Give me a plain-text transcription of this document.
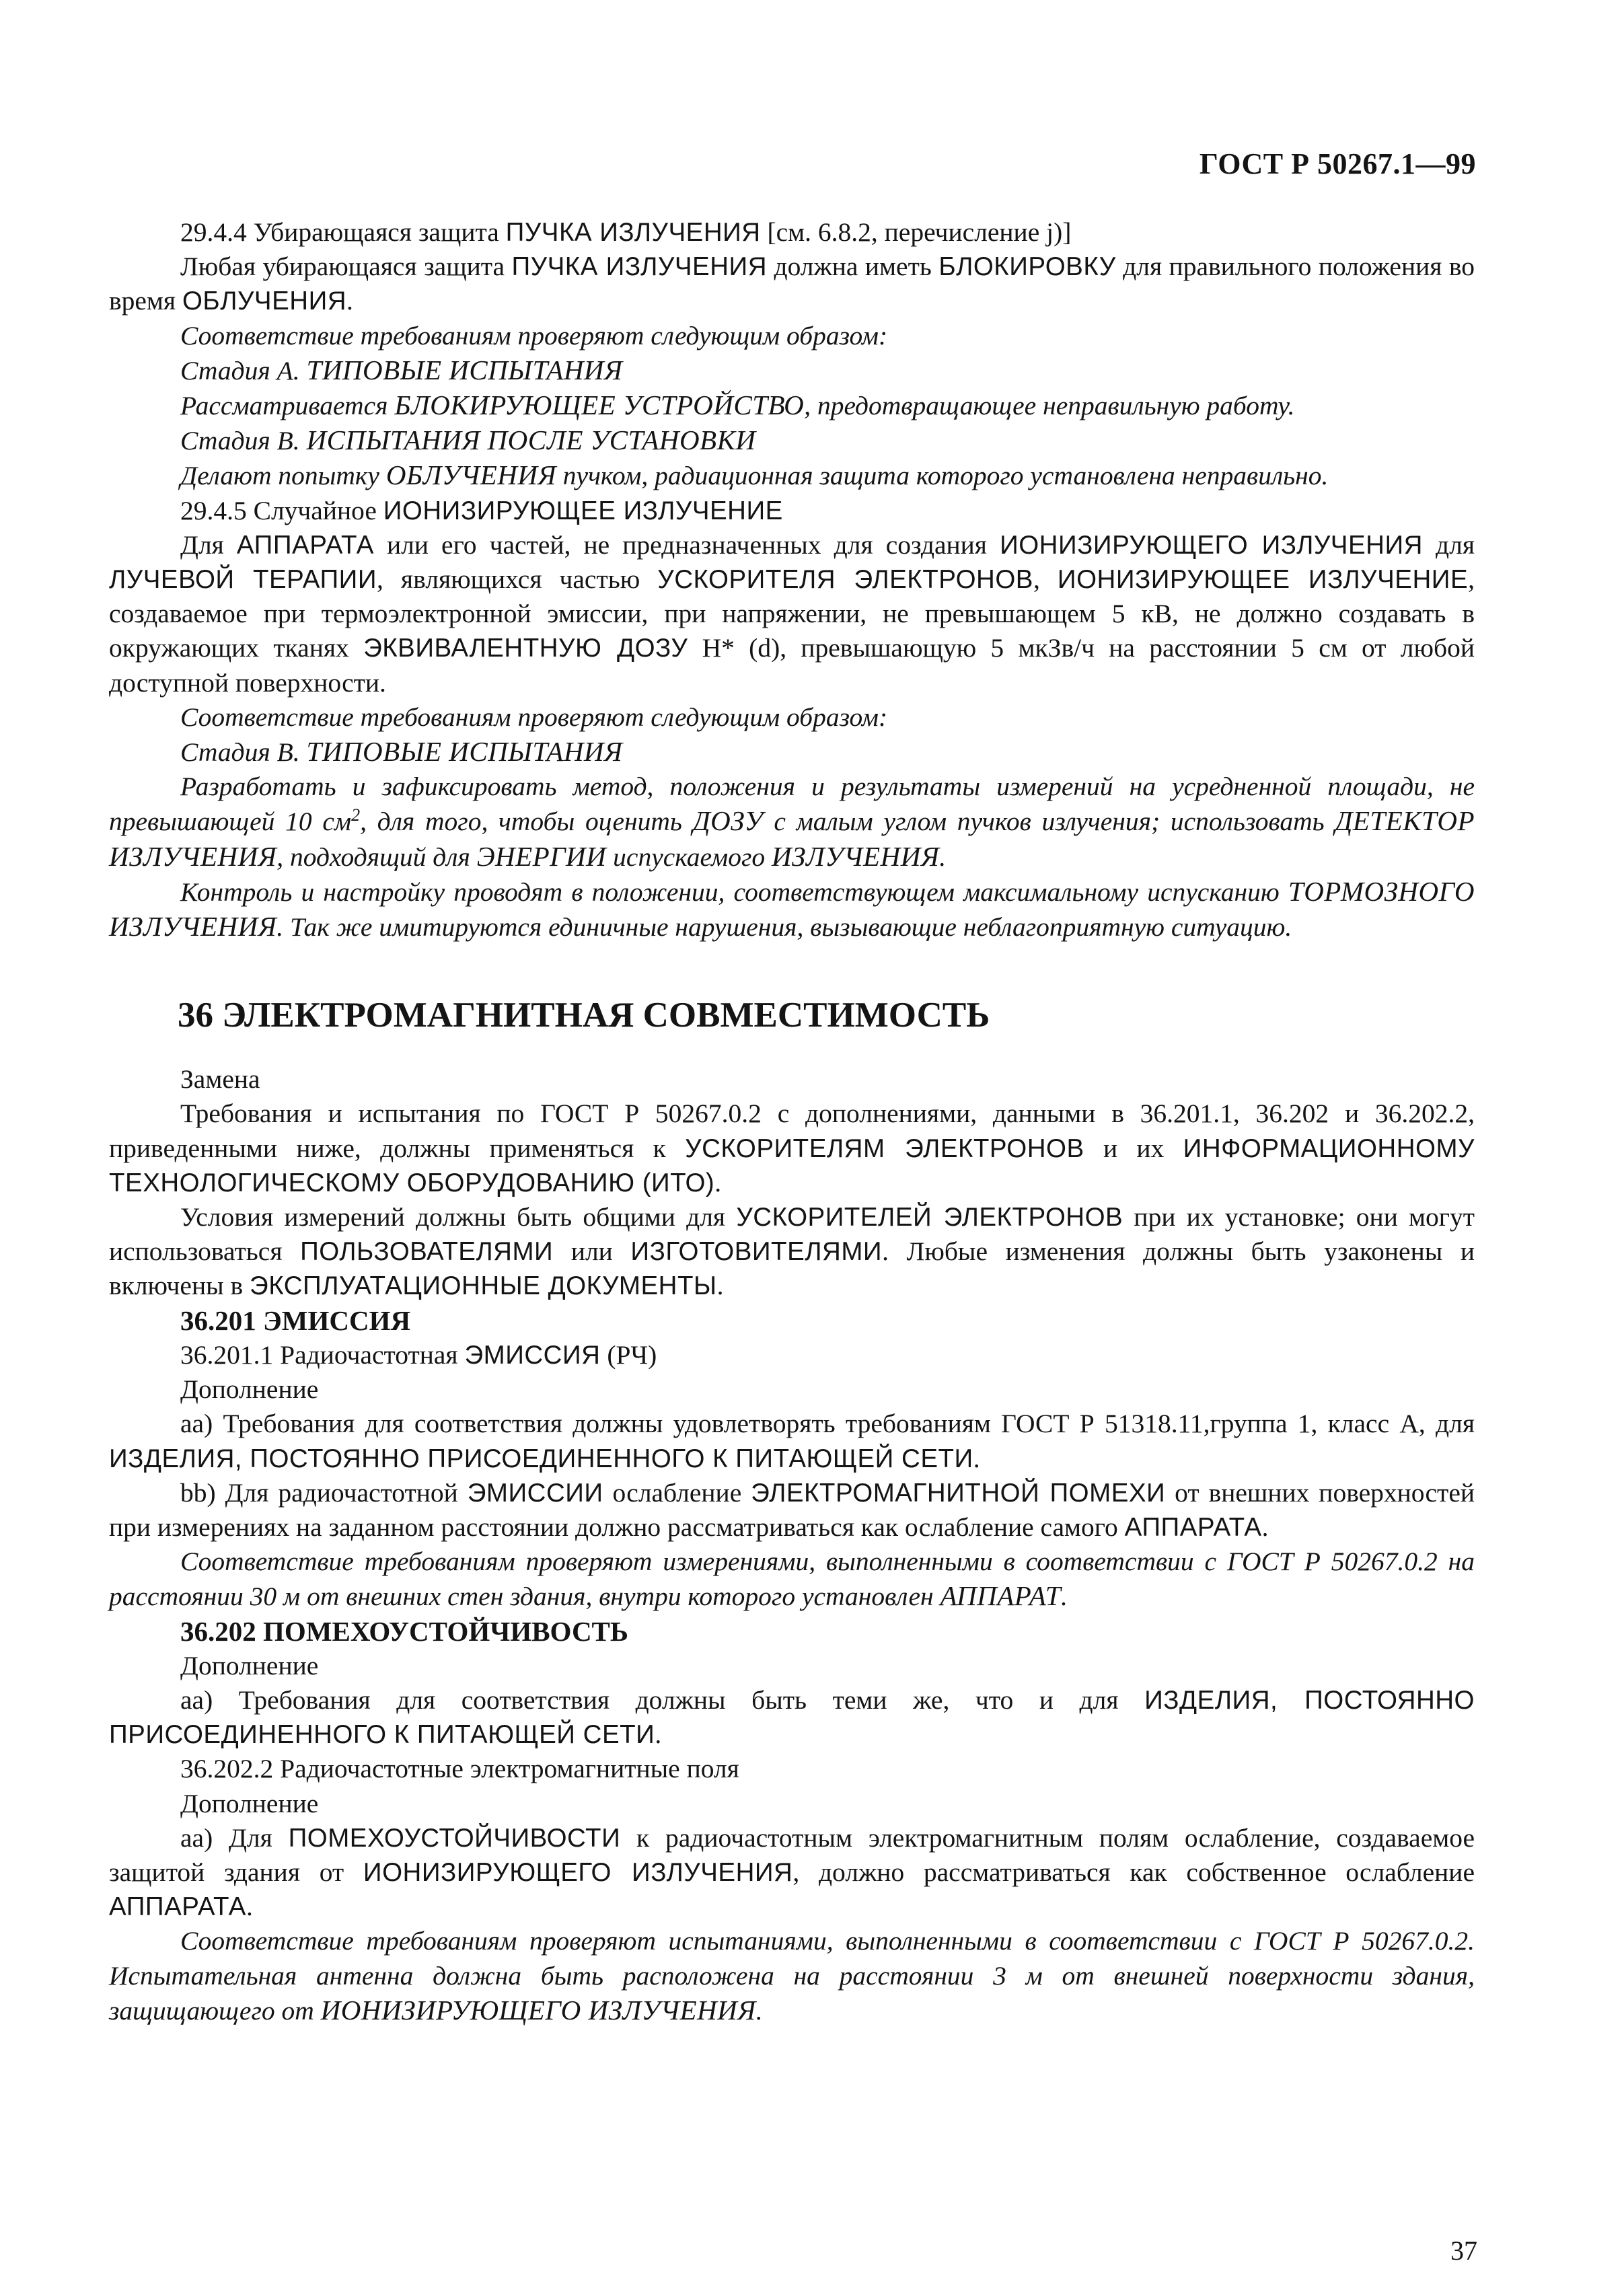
ГОСТ Р 50267.1—99

29.4.4 Убирающаяся защита ПУЧКА ИЗЛУЧЕНИЯ [см. 6.8.2, перечисление j)]

Любая убирающаяся защита ПУЧКА ИЗЛУЧЕНИЯ должна иметь БЛОКИРОВКУ для правильного положения во время ОБЛУЧЕНИЯ.

Соответствие требованиям проверяют следующим образом:

Стадия А. ТИПОВЫЕ ИСПЫТАНИЯ

Рассматривается БЛОКИРУЮЩЕЕ УСТРОЙСТВО, предотвращающее неправильную работу.

Стадия В. ИСПЫТАНИЯ ПОСЛЕ УСТАНОВКИ

Делают попытку ОБЛУЧЕНИЯ пучком, радиационная защита которого установлена неправильно.

29.4.5 Случайное ИОНИЗИРУЮЩЕЕ ИЗЛУЧЕНИЕ

Для АППАРАТА или его частей, не предназначенных для создания ИОНИЗИРУЮЩЕГО ИЗЛУЧЕНИЯ для ЛУЧЕВОЙ ТЕРАПИИ, являющихся частью УСКОРИТЕЛЯ ЭЛЕКТРОНОВ, ИОНИЗИРУЮЩЕЕ ИЗЛУЧЕНИЕ, создаваемое при термоэлектронной эмиссии, при напряжении, не превышающем 5 кВ, не должно создавать в окружающих тканях ЭКВИВАЛЕНТНУЮ ДОЗУ Н* (d), превышающую 5 мкЗв/ч на расстоянии 5 см от любой доступной поверхности.

Соответствие требованиям проверяют следующим образом:

Стадия В. ТИПОВЫЕ ИСПЫТАНИЯ

Разработать и зафиксировать метод, положения и результаты измерений на усредненной площади, не превышающей 10 $см^2$, для того, чтобы оценить ДОЗУ с малым углом пучков излучения; использовать ДЕТЕКТОР ИЗЛУЧЕНИЯ, подходящий для ЭНЕРГИИ испускаемого ИЗЛУЧЕНИЯ.

Контроль и настройку проводят в положении, соответствующем максимальному испусканию ТОРМОЗНОГО ИЗЛУЧЕНИЯ. Так же имитируются единичные нарушения, вызывающие неблагоприятную ситуацию.

36 ЭЛЕКТРОМАГНИТНАЯ СОВМЕСТИМОСТЬ

Замена

Требования и испытания по ГОСТ Р 50267.0.2 с дополнениями, данными в 36.201.1, 36.202 и 36.202.2, приведенными ниже, должны применяться к УСКОРИТЕЛЯМ ЭЛЕКТРОНОВ и их ИНФОРМАЦИОННОМУ ТЕХНОЛОГИЧЕСКОМУ ОБОРУДОВАНИЮ (ИТО).

Условия измерений должны быть общими для УСКОРИТЕЛЕЙ ЭЛЕКТРОНОВ при их установке; они могут использоваться ПОЛЬЗОВАТЕЛЯМИ или ИЗГОТОВИТЕЛЯМИ. Любые изменения должны быть узаконены и включены в ЭКСПЛУАТАЦИОННЫЕ ДОКУМЕНТЫ.

36.201 ЭМИССИЯ

36.201.1 Радиочастотная ЭМИССИЯ (РЧ)

Дополнение

аа) Требования для соответствия должны удовлетворять требованиям ГОСТ Р 51318.11,группа 1, класс А, для ИЗДЕЛИЯ, ПОСТОЯННО ПРИСОЕДИНЕННОГО К ПИТАЮЩЕЙ СЕТИ.

bb) Для радиочастотной ЭМИССИИ ослабление ЭЛЕКТРОМАГНИТНОЙ ПОМЕХИ от внешних поверхностей при измерениях на заданном расстоянии должно рассматриваться как ослабление самого АППАРАТА.

Соответствие требованиям проверяют измерениями, выполненными в соответствии с ГОСТ Р 50267.0.2 на расстоянии 30 м от внешних стен здания, внутри которого установлен АППАРАТ.

36.202 ПОМЕХОУСТОЙЧИВОСТЬ

Дополнение

аа) Требования для соответствия должны быть теми же, что и для ИЗДЕЛИЯ, ПОСТОЯННО ПРИСОЕДИНЕННОГО К ПИТАЮЩЕЙ СЕТИ.

36.202.2 Радиочастотные электромагнитные поля

Дополнение

аа) Для ПОМЕХОУСТОЙЧИВОСТИ к радиочастотным электромагнитным полям ослабление, создаваемое защитой здания от ИОНИЗИРУЮЩЕГО ИЗЛУЧЕНИЯ, должно рассматриваться как собственное ослабление АППАРАТА.

Соответствие требованиям проверяют испытаниями, выполненными в соответствии с ГОСТ Р 50267.0.2. Испытательная антенна должна быть расположена на расстоянии 3 м от внешней поверхности здания, защищающего от ИОНИЗИРУЮЩЕГО ИЗЛУЧЕНИЯ.

37
